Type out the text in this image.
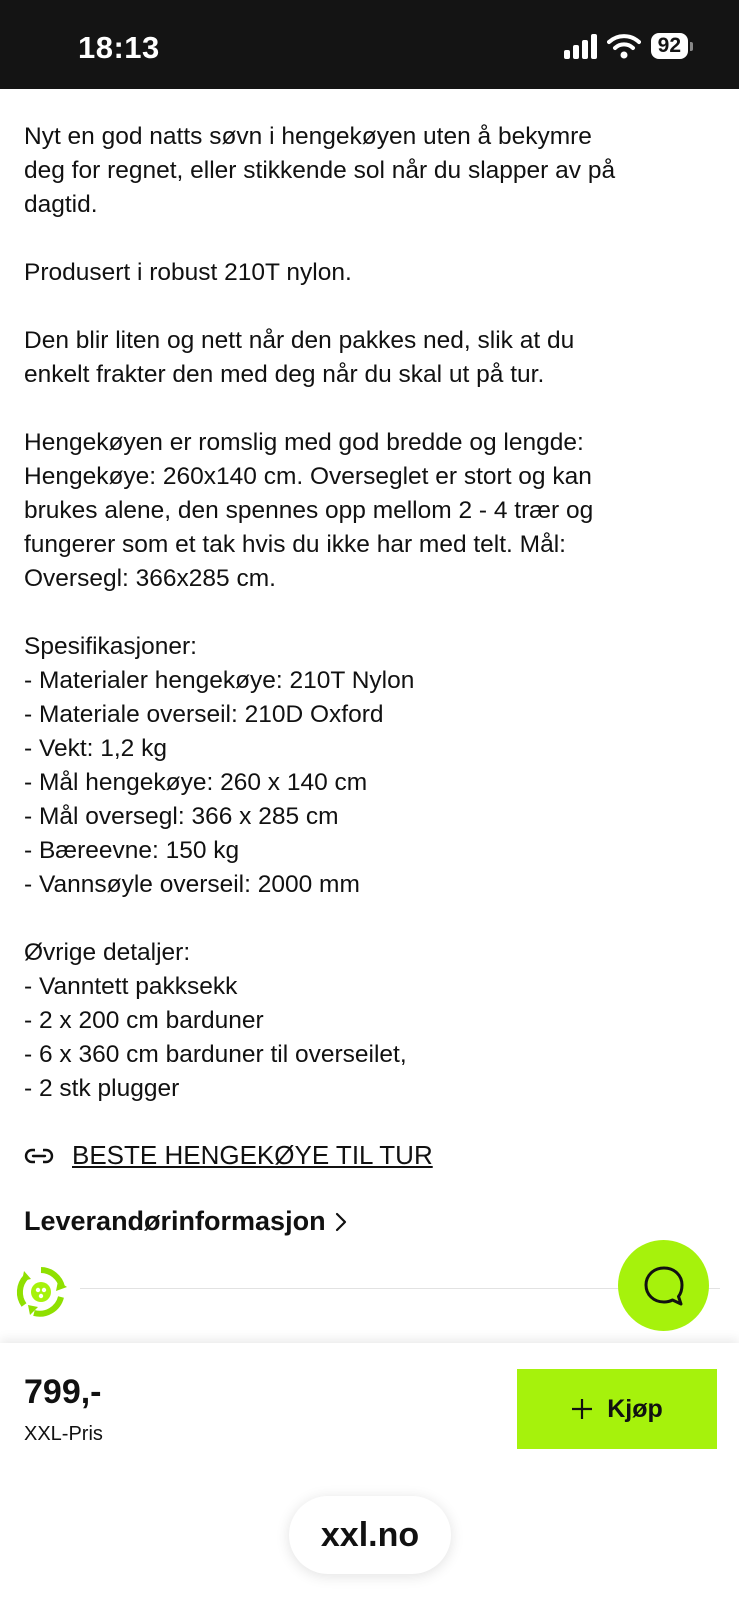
18:13	92

Nyt en god natts søvn i hengekøyen uten å bekymre

deg for regnet, eller stikkende sol når du slapper av på

dagtid.

Produsert i robust 210T nylon.

Den blir liten og nett når den pakkes ned, slik at du

enkelt frakter den med deg når du skal ut på tur.

Hengekøyen er romslig med god bredde og lengde:

Hengekøye: 260x140 cm. Overseglet er stort og kan

brukes alene, den spennes opp mellom 2 - 4 trær og

fungerer som et tak hvis du ikke har med telt. Mål:

Oversegl: 366x285 cm.

Spesifikasjoner:

- Materialer hengekøye: 210T Nylon

- Materiale overseil: 210D Oxford

- Vekt: 1,2 kg

- Mål hengekøye: 260 x 140 cm

- Mål oversegl: 366 x 285 cm

- Bæreevne: 150 kg

- Vannsøyle overseil: 2000 mm

Øvrige detaljer:

- Vanntett pakksekk

- 2 x 200 cm barduner

- 6 x 360 cm barduner til overseilet,

- 2 stk plugger

BESTE HENGEKØYE TIL TUR
Leverandørinformasjon
799,-
XXL-Pris
Kjøp
xxl.no
